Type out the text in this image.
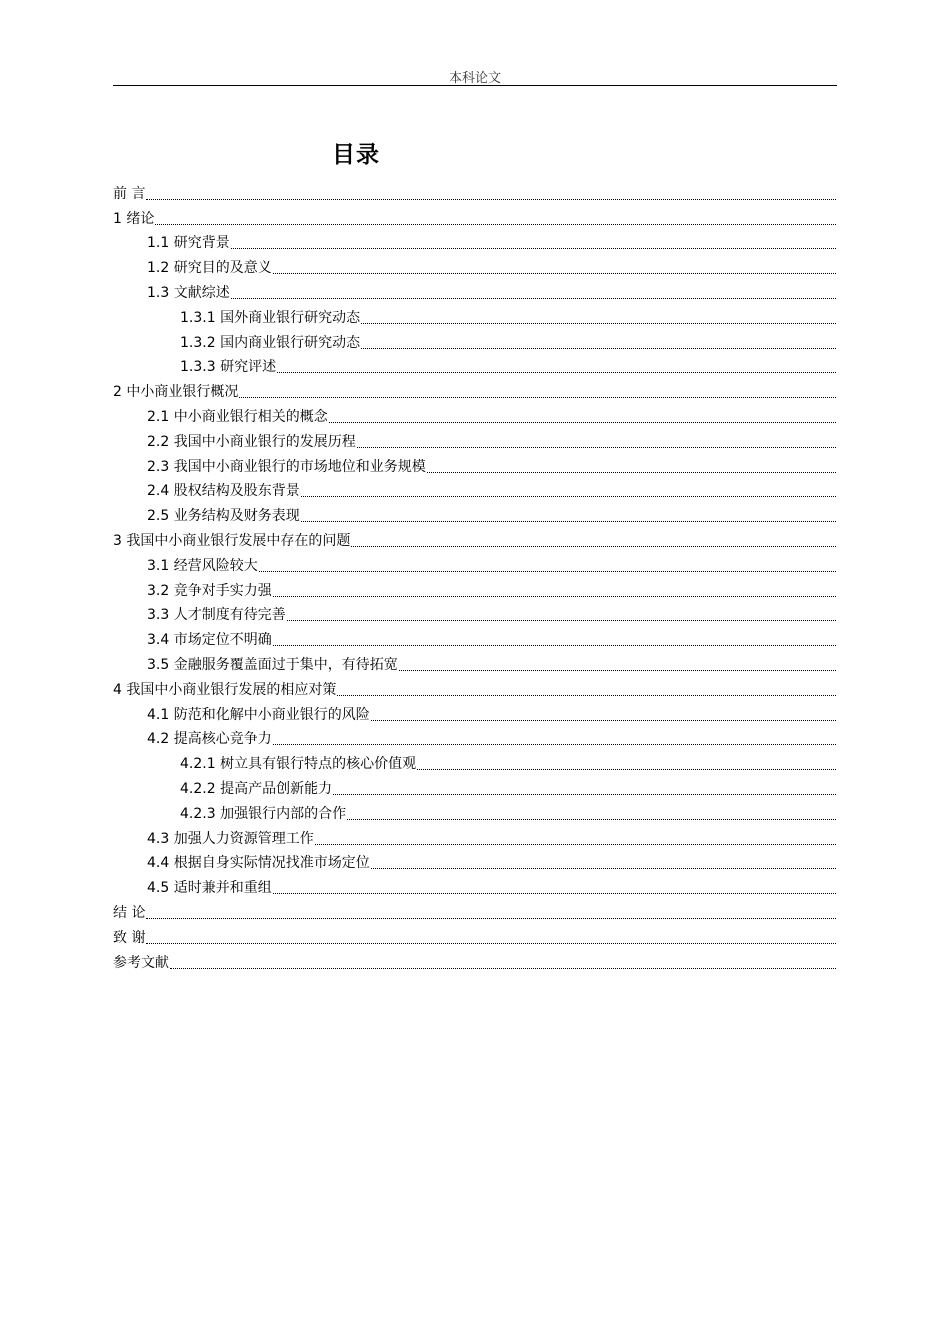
本科论文
目录
前 言
1 绪论
1.1 研究背景
1.2 研究目的及意义
1.3 文献综述
1.3.1 国外商业银行研究动态
1.3.2 国内商业银行研究动态
1.3.3 研究评述
2 中小商业银行概况
2.1 中小商业银行相关的概念
2.2 我国中小商业银行的发展历程
2.3 我国中小商业银行的市场地位和业务规模
2.4 股权结构及股东背景
2.5 业务结构及财务表现
3 我国中小商业银行发展中存在的问题
3.1 经营风险较大
3.2 竞争对手实力强
3.3 人才制度有待完善
3.4 市场定位不明确
3.5 金融服务覆盖面过于集中，有待拓宽
4 我国中小商业银行发展的相应对策
4.1 防范和化解中小商业银行的风险
4.2 提高核心竞争力
4.2.1 树立具有银行特点的核心价值观
4.2.2 提高产品创新能力
4.2.3 加强银行内部的合作
4.3 加强人力资源管理工作
4.4 根据自身实际情况找准市场定位
4.5 适时兼并和重组
结 论
致 谢
参考文献
